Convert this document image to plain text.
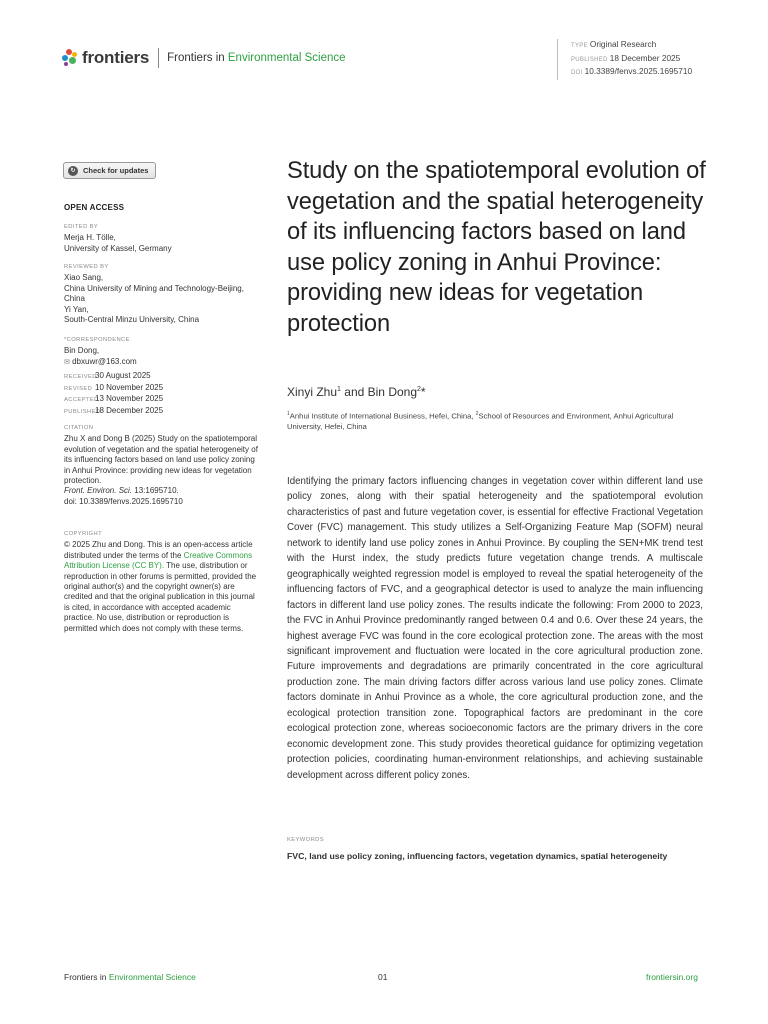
frontiers Frontiers in Environmental Science
TYPE Original Research
PUBLISHED 18 December 2025
DOI 10.3389/fenvs.2025.1695710
↻ Check for updates
OPEN ACCESS
EDITED BY
Merja H. Tölle,
University of Kassel, Germany
REVIEWED BY
Xiao Sang,
China University of Mining and Technology-Beijing, China
Yi Yan,
South-Central Minzu University, China
*CORRESPONDENCE
Bin Dong,
✉ dbxuwr@163.com
RECEIVED30 August 2025
REVISED 10 November 2025
ACCEPTED13 November 2025
PUBLISHED18 December 2025
CITATION
Zhu X and Dong B (2025) Study on the spatiotemporal evolution of vegetation and the spatial heterogeneity of its influencing factors based on land use policy zoning in Anhui Province: providing new ideas for vegetation protection.
Front. Environ. Sci. 13:1695710.
doi: 10.3389/fenvs.2025.1695710
COPYRIGHT
© 2025 Zhu and Dong. This is an open-access article distributed under the terms of the Creative Commons Attribution License (CC BY). The use, distribution or reproduction in other forums is permitted, provided the original author(s) and the copyright owner(s) are credited and that the original publication in this journal is cited, in accordance with accepted academic practice. No use, distribution or reproduction is permitted which does not comply with these terms.
Study on the spatiotemporal evolution of vegetation and the spatial heterogeneity of its influencing factors based on land use policy zoning in Anhui Province: providing new ideas for vegetation protection
Xinyi Zhu$^1$ and Bin Dong$^2$*
$^1$Anhui Institute of International Business, Hefei, China, $^2$School of Resources and Environment, Anhui Agricultural University, Hefei, China
Identifying the primary factors influencing changes in vegetation cover within different land use policy zones, along with their spatial heterogeneity and the spatiotemporal evolution characteristics of past and future vegetation cover, is essential for effective Fractional Vegetation Cover (FVC) management. This study utilizes a Self-Organizing Feature Map (SOFM) neural network to identify land use policy zones in Anhui Province. By coupling the SEN+MK trend test with the Hurst index, the study predicts future vegetation change trends. A multiscale geographically weighted regression model is employed to reveal the spatial heterogeneity of the influencing factors of FVC, and a geographical detector is used to analyze the main influencing factors in different land use policy zones. The results indicate the following: From 2000 to 2023, the FVC in Anhui Province predominantly ranged between 0.4 and 0.6. Over these 24 years, the highest average FVC was found in the core ecological protection zone. The areas with the most significant improvement and fluctuation were located in the core agricultural production zone. Future improvements and degradations are primarily concentrated in the core agricultural production zone. The main driving factors differ across various land use policy zones. Climate factors dominate in Anhui Province as a whole, the core agricultural production zone, and the ecological protection transition zone. Topographical factors are predominant in the core ecological protection zone, whereas socioeconomic factors are the primary drivers in the core economic development zone. This study provides theoretical guidance for optimizing vegetation protection policies, coordinating human-environment relationships, and achieving sustainable development across different policy zones.
KEYWORDS
FVC, land use policy zoning, influencing factors, vegetation dynamics, spatial heterogeneity
Frontiers in Environmental Science	01	frontiersin.org
